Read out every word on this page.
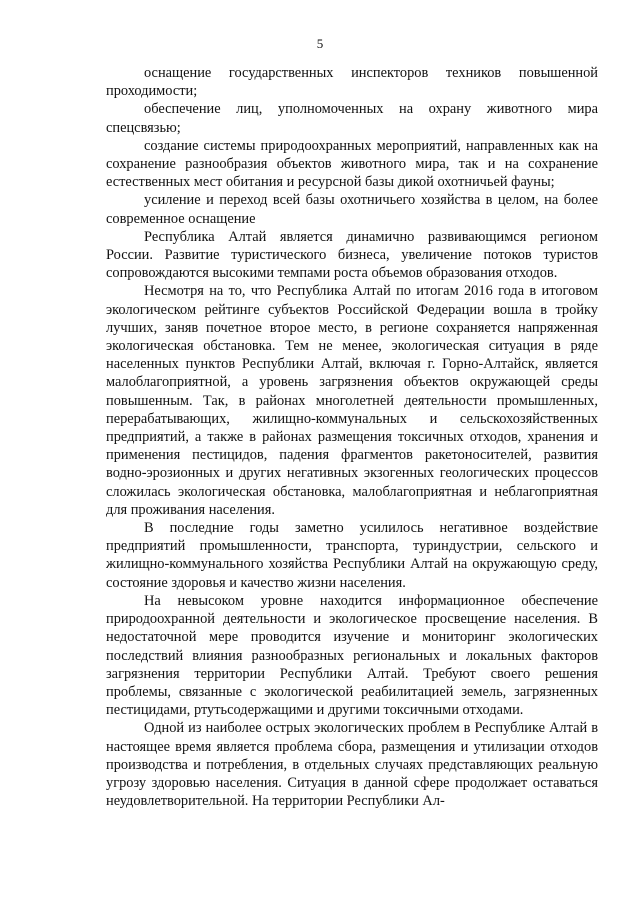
5

оснащение государственных инспекторов техников повышенной проходимости;

обеспечение лиц, уполномоченных на охрану животного мира спецсвязью;

создание системы природоохранных мероприятий, направленных как на сохранение разнообразия объектов животного мира, так и на сохранение естественных мест обитания и ресурсной базы дикой охотничьей фауны;

усиление и переход всей базы охотничьего хозяйства в целом, на более современное оснащение

Республика Алтай является динамично развивающимся регионом России. Развитие туристического бизнеса, увеличение потоков туристов сопровождаются высокими темпами роста объемов образования отходов.

Несмотря на то, что Республика Алтай по итогам 2016 года в итоговом экологическом рейтинге субъектов Российской Федерации вошла в тройку лучших, заняв почетное второе место, в регионе сохраняется напряженная экологическая обстановка. Тем не менее, экологическая ситуация в ряде населенных пунктов Республики Алтай, включая г. Горно-Алтайск, является малоблагоприятной, а уровень загрязнения объектов окружающей среды повышенным. Так, в районах многолетней деятельности промышленных, перерабатывающих, жилищно-коммунальных и сельскохозяйственных предприятий, а также в районах размещения токсичных отходов, хранения и применения пестицидов, падения фрагментов ракетоносителей, развития водно-эрозионных и других негативных экзогенных геологических процессов сложилась экологическая обстановка, малоблагоприятная и неблагоприятная для проживания населения.

В последние годы заметно усилилось негативное воздействие предприятий промышленности, транспорта, туриндустрии, сельского и жилищно-коммунального хозяйства Республики Алтай на окружающую среду, состояние здоровья и качество жизни населения.

На невысоком уровне находится информационное обеспечение природоохранной деятельности и экологическое просвещение населения. В недостаточной мере проводится изучение и мониторинг экологических последствий влияния разнообразных региональных и локальных факторов загрязнения территории Республики Алтай. Требуют своего решения проблемы, связанные с экологической реабилитацией земель, загрязненных пестицидами, ртутьсодержащими и другими токсичными отходами.

Одной из наиболее острых экологических проблем в Республике Алтай в настоящее время является проблема сбора, размещения и утилизации отходов производства и потребления, в отдельных случаях представляющих реальную угрозу здоровью населения. Ситуация в данной сфере продолжает оставаться неудовлетворительной. На территории Республики Ал-
